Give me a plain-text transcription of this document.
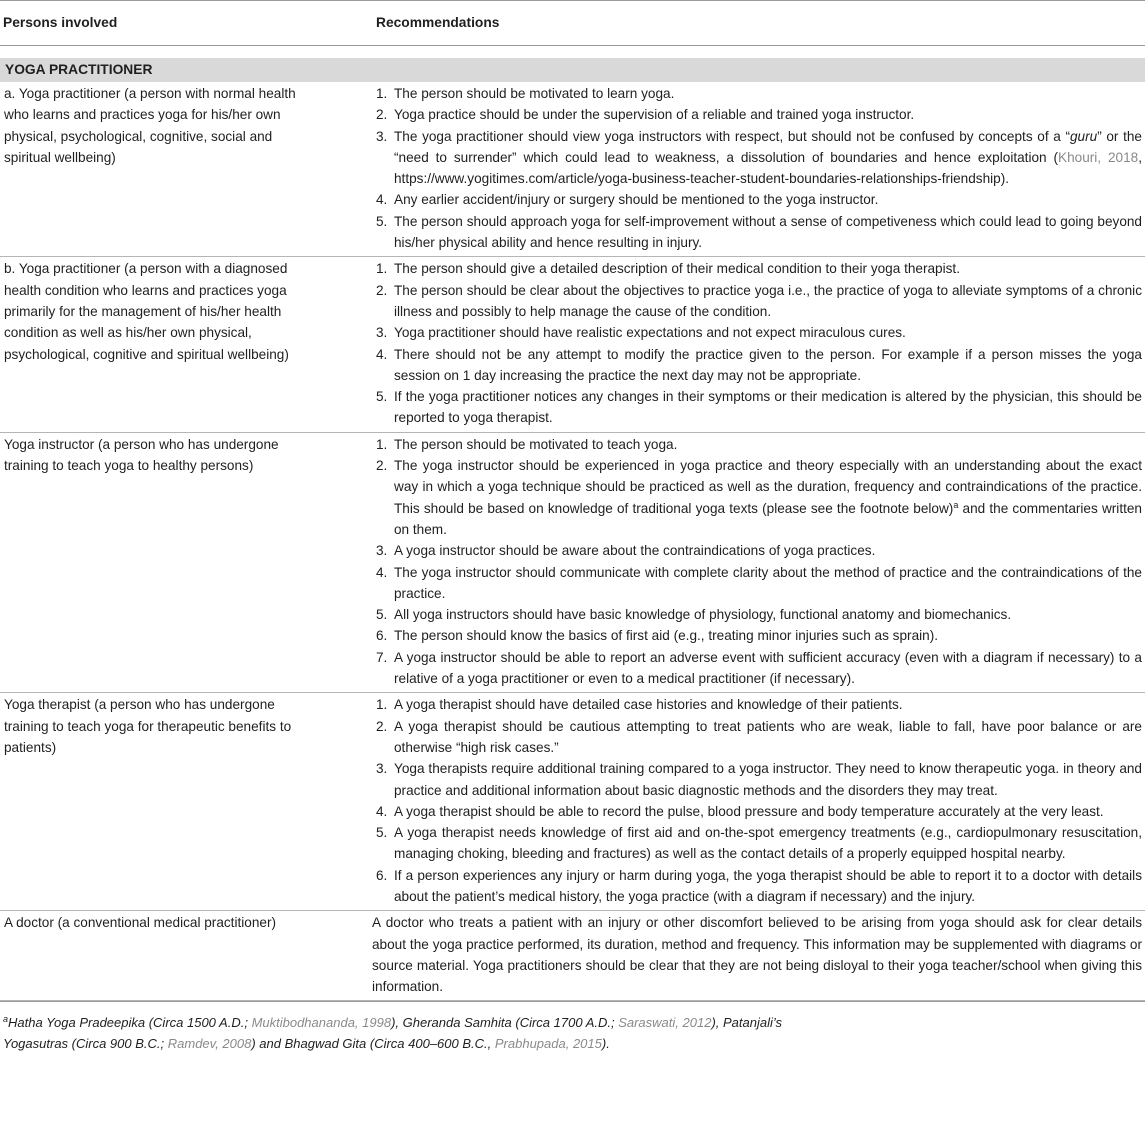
Persons involved	Recommendations
YOGA PRACTITIONER
a. Yoga practitioner (a person with normal health who learns and practices yoga for his/her own physical, psychological, cognitive, social and spiritual wellbeing)
1. The person should be motivated to learn yoga.
2. Yoga practice should be under the supervision of a reliable and trained yoga instructor.
3. The yoga practitioner should view yoga instructors with respect, but should not be confused by concepts of a “guru” or the “need to surrender” which could lead to weakness, a dissolution of boundaries and hence exploitation (Khouri, 2018, https://www.yogitimes.com/article/yoga-business-teacher-student-boundaries-relationships-friendship).
4. Any earlier accident/injury or surgery should be mentioned to the yoga instructor.
5. The person should approach yoga for self-improvement without a sense of competiveness which could lead to going beyond his/her physical ability and hence resulting in injury.
b. Yoga practitioner (a person with a diagnosed health condition who learns and practices yoga primarily for the management of his/her health condition as well as his/her own physical, psychological, cognitive and spiritual wellbeing)
1. The person should give a detailed description of their medical condition to their yoga therapist.
2. The person should be clear about the objectives to practice yoga i.e., the practice of yoga to alleviate symptoms of a chronic illness and possibly to help manage the cause of the condition.
3. Yoga practitioner should have realistic expectations and not expect miraculous cures.
4. There should not be any attempt to modify the practice given to the person. For example if a person misses the yoga session on 1 day increasing the practice the next day may not be appropriate.
5. If the yoga practitioner notices any changes in their symptoms or their medication is altered by the physician, this should be reported to yoga therapist.
Yoga instructor (a person who has undergone training to teach yoga to healthy persons)
1. The person should be motivated to teach yoga.
2. The yoga instructor should be experienced in yoga practice and theory especially with an understanding about the exact way in which a yoga technique should be practiced as well as the duration, frequency and contraindications of the practice. This should be based on knowledge of traditional yoga texts (please see the footnote below)$^a$ and the commentaries written on them.
3. A yoga instructor should be aware about the contraindications of yoga practices.
4. The yoga instructor should communicate with complete clarity about the method of practice and the contraindications of the practice.
5. All yoga instructors should have basic knowledge of physiology, functional anatomy and biomechanics.
6. The person should know the basics of first aid (e.g., treating minor injuries such as sprain).
7. A yoga instructor should be able to report an adverse event with sufficient accuracy (even with a diagram if necessary) to a relative of a yoga practitioner or even to a medical practitioner (if necessary).
Yoga therapist (a person who has undergone training to teach yoga for therapeutic benefits to patients)
1. A yoga therapist should have detailed case histories and knowledge of their patients.
2. A yoga therapist should be cautious attempting to treat patients who are weak, liable to fall, have poor balance or are otherwise “high risk cases.”
3. Yoga therapists require additional training compared to a yoga instructor. They need to know therapeutic yoga. in theory and practice and additional information about basic diagnostic methods and the disorders they may treat.
4. A yoga therapist should be able to record the pulse, blood pressure and body temperature accurately at the very least.
5. A yoga therapist needs knowledge of first aid and on-the-spot emergency treatments (e.g., cardiopulmonary resuscitation, managing choking, bleeding and fractures) as well as the contact details of a properly equipped hospital nearby.
6. If a person experiences any injury or harm during yoga, the yoga therapist should be able to report it to a doctor with details about the patient’s medical history, the yoga practice (with a diagram if necessary) and the injury.
A doctor (a conventional medical practitioner)	A doctor who treats a patient with an injury or other discomfort believed to be arising from yoga should ask for clear details about the yoga practice performed, its duration, method and frequency. This information may be supplemented with diagrams or source material. Yoga practitioners should be clear that they are not being disloyal to their yoga teacher/school when giving this information.
$^a$Hatha Yoga Pradeepika (Circa 1500 A.D.; Muktibodhananda, 1998), Gheranda Samhita (Circa 1700 A.D.; Saraswati, 2012), Patanjali’s
Yogasutras (Circa 900 B.C.; Ramdev, 2008) and Bhagwad Gita (Circa 400–600 B.C., Prabhupada, 2015).
